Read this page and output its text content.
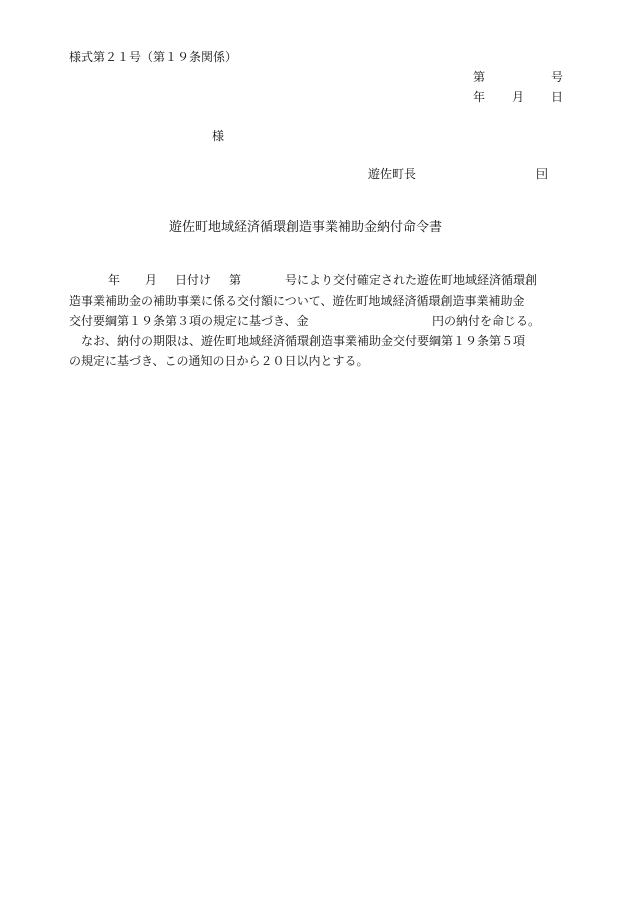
様式第２１号（第１９条関係）
第	号
年 月 日
様
遊佐町長	囙
遊佐町地域経済循環創造事業補助金納付命令書
年 月 日付け 第	号により交付確定された遊佐町地域経済循環創
造事業補助金の補助事業に係る交付額について、遊佐町地域経済循環創造事業補助金
交付要綱第１９条第３項の規定に基づき、金	円の納付を命じる。
なお、納付の期限は、遊佐町地域経済循環創造事業補助金交付要綱第１９条第５項
の規定に基づき、この通知の日から２０日以内とする。
